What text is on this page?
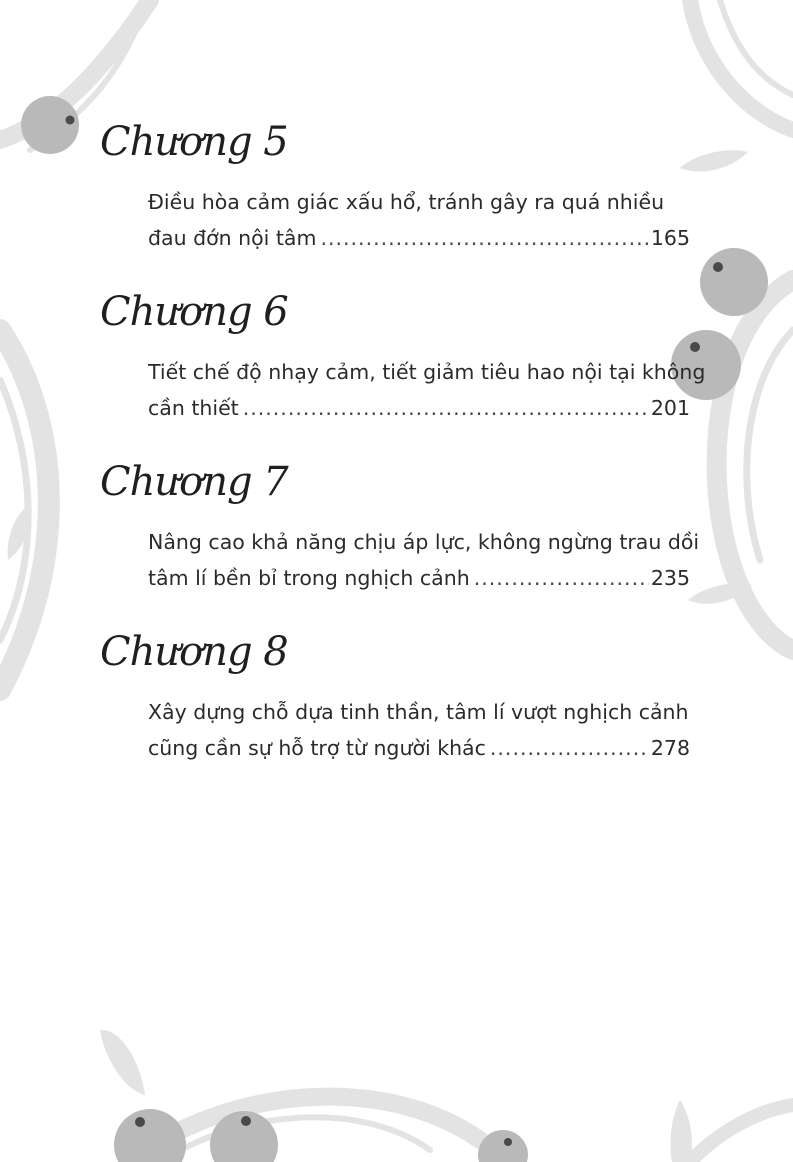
Chương 5
Điều hòa cảm giác xấu hổ, tránh gây ra quá nhiều
đau đớn nội tâm .....	165
Chương 6
Tiết chế độ nhạy cảm, tiết giảm tiêu hao nội tại không
cần thiết .....	201
Chương 7
Nâng cao khả năng chịu áp lực, không ngừng trau dồi
tâm lí bền bỉ trong nghịch cảnh .....	235
Chương 8
Xây dựng chỗ dựa tinh thần, tâm lí vượt nghịch cảnh
cũng cần sự hỗ trợ từ người khác .....	278
